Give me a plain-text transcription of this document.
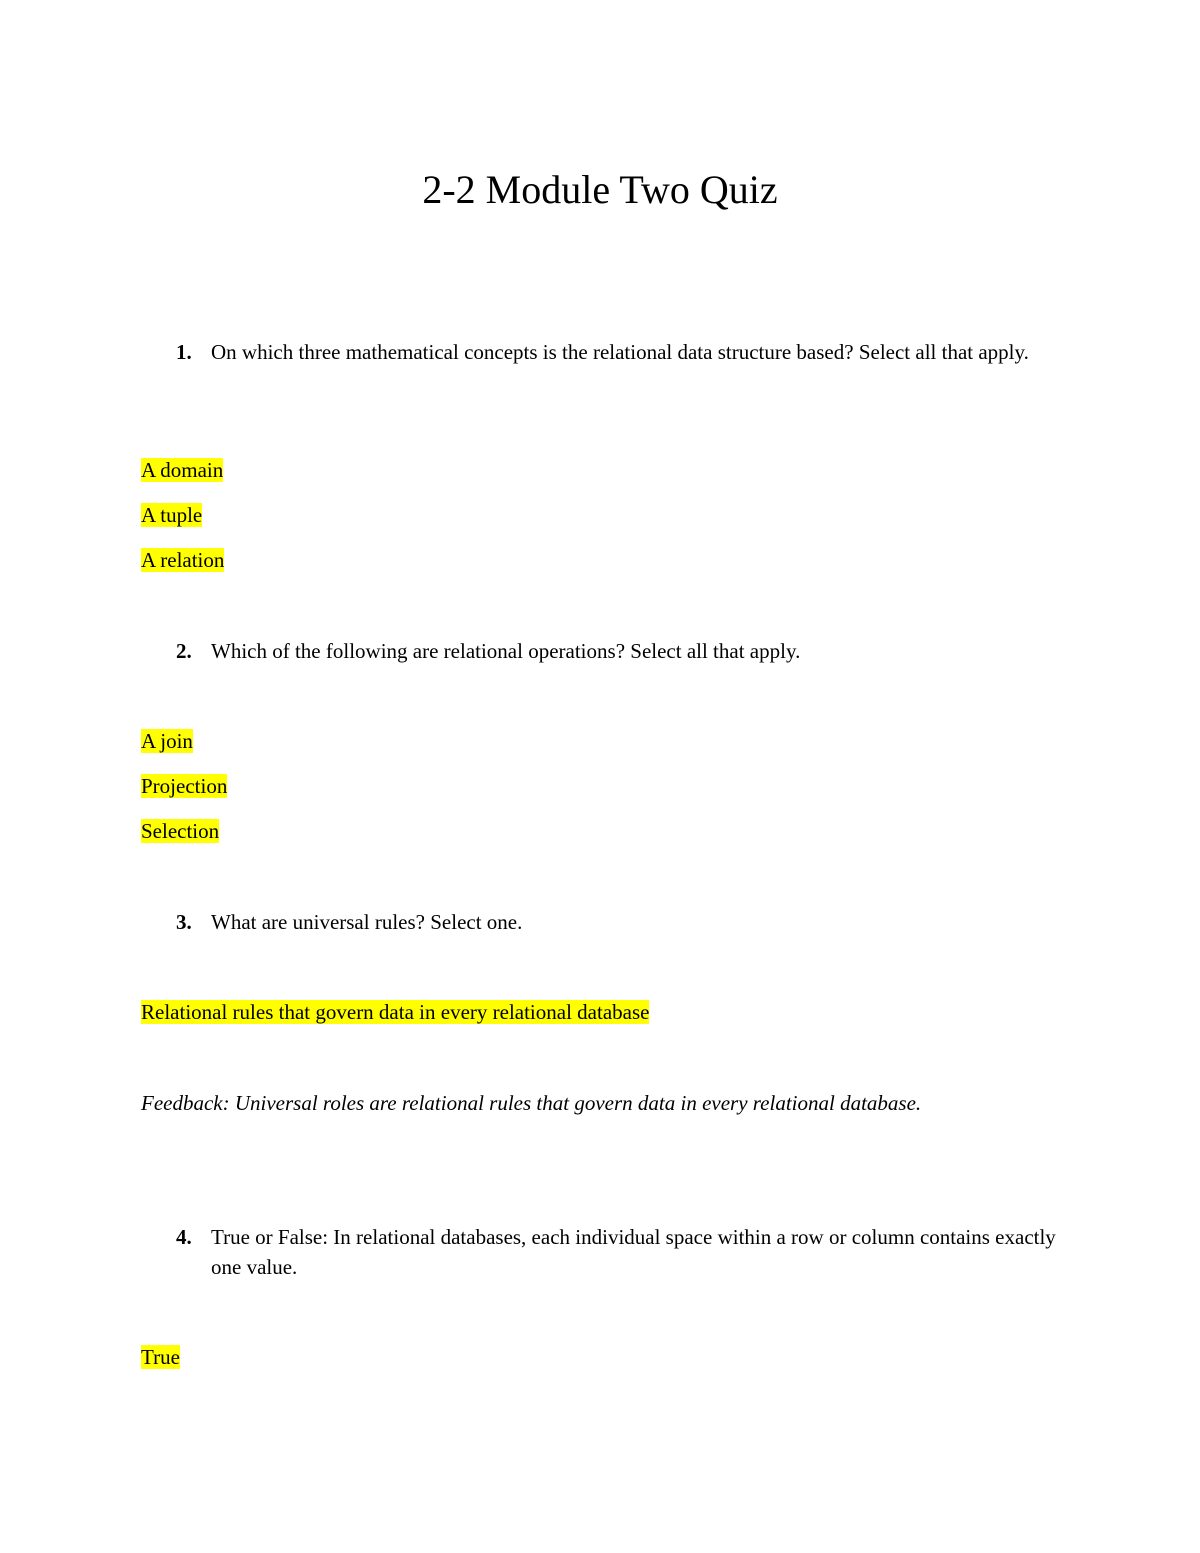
2-2 Module Two Quiz
1. On which three mathematical concepts is the relational data structure based? Select all that apply.
A domain
A tuple
A relation
2. Which of the following are relational operations? Select all that apply.
A join
Projection
Selection
3. What are universal rules? Select one.
Relational rules that govern data in every relational database
Feedback: Universal roles are relational rules that govern data in every relational database.
4. True or False: In relational databases, each individual space within a row or column contains exactly one value.
True
